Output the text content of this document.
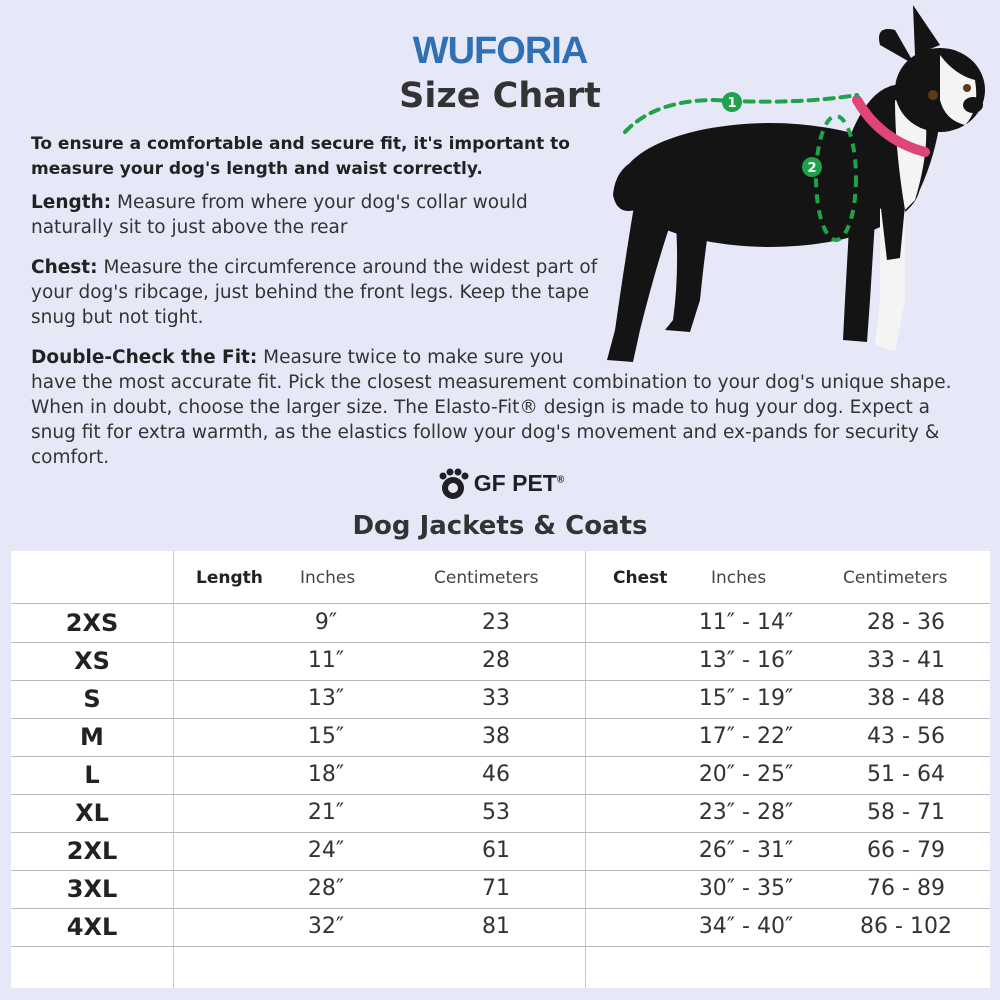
WUFORIA
Size Chart
To ensure a comfortable and secure fit, it's important to measure your dog's length and waist correctly.
Length: Measure from where your dog's collar would naturally sit to just above the rear
Chest: Measure the circumference around the widest part of your dog's ribcage, just behind the front legs. Keep the tape snug but not tight.
Double-Check the Fit: Measure twice to make sure you
have the most accurate fit. Pick the closest measurement combination to your dog's unique shape. When in doubt, choose the larger size. The Elasto-Fit® design is made to hug your dog. Expect a snug fit for extra warmth, as the elastics follow your dog's movement and ex-pands for security & comfort.
1
2
GF PET®
Dog Jackets & Coats
Length Inches	Centimeters	Chest	Inches	Centimeters
2XS	9″	23	11″ - 14″	28 - 36
XS	11″	28	13″ - 16″	33 - 41
S	13″	33	15″ - 19″	38 - 48
M	15″	38	17″ - 22″	43 - 56
L	18″	46	20″ - 25″	51 - 64
XL	21″	53	23″ - 28″	58 - 71
2XL	24″	61	26″ - 31″	66 - 79
3XL	28″	71	30″ - 35″	76 - 89
4XL	32″	81	34″ - 40″	86 - 102
